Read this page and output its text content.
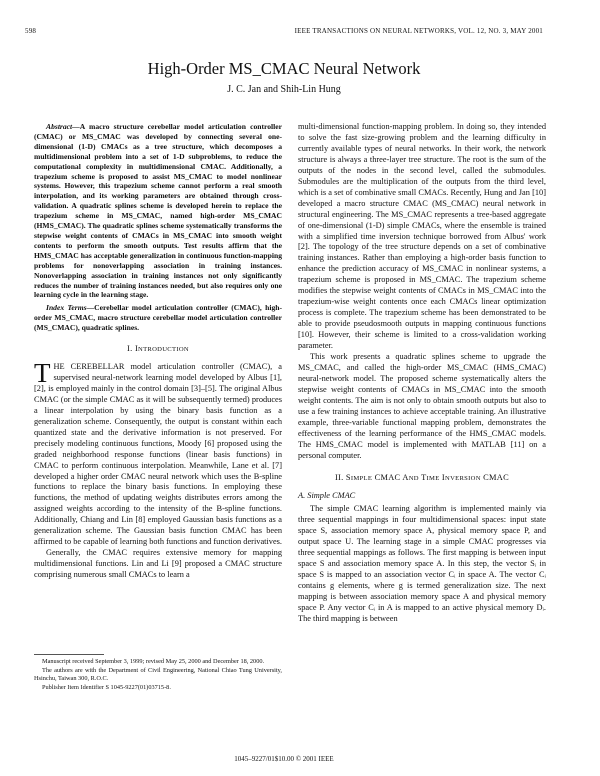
598	IEEE TRANSACTIONS ON NEURAL NETWORKS, VOL. 12, NO. 3, MAY 2001
High-Order MS_CMAC Neural Network
J. C. Jan and Shih-Lin Hung

Abstract—A macro structure cerebellar model articulation controller (CMAC) or MS_CMAC was developed by connecting several one-dimensional (1-D) CMACs as a tree structure, which decomposes a multidimensional problem into a set of 1-D subproblems, to reduce the computational complexity in multidimensional CMAC. Additionally, a trapezium scheme is proposed to assist MS_CMAC to model nonlinear systems. However, this trapezium scheme cannot perform a real smooth interpolation, and its working parameters are obtained through cross-validation. A quadratic splines scheme is developed herein to replace the trapezium scheme in MS_CMAC, named high-order MS_CMAC (HMS_CMAC). The quadratic splines scheme systematically transforms the stepwise weight contents of CMACs in MS_CMAC into smooth weight contents to perform the smooth outputs. Test results affirm that the HMS_CMAC has acceptable generalization in continuous function-mapping problems for nonoverlapping association in training instances. Nonoverlapping association in training instances not only significantly reduces the number of training instances needed, but also requires only one learning cycle in the learning stage.

Index Terms—Cerebellar model articulation controller (CMAC), high-order MS_CMAC, macro structure cerebellar model articulation controller (MS_CMAC), quadratic splines.

I. INTRODUCTION

THE CEREBELLAR model articulation controller (CMAC), a supervised neural-network learning model developed by Albus [1], [2], is employed mainly in the control domain [3]–[5]. The original Albus CMAC (or the simple CMAC as it will be subsequently termed) produces a linear interpolation by using the binary basis function as a generalization scheme. Consequently, the output is constant within each quantized state and the derivative information is not preserved. For precisely modeling continuous functions, Moody [6] proposed using the graded neighborhood response functions (linear basis functions) in CMAC to perform continuous interpolation. Meanwhile, Lane et al. [7] developed a higher order CMAC neural network which uses the B-spline functions to replace the binary basis functions. In employing these functions, the method of updating weights distributes errors among the assigned weights according to the intensity of the B-spline functions. Additionally, Chiang and Lin [8] employed Gaussian basis functions as a generalization scheme. The Gaussian basis function CMAC has been affirmed to be capable of learning both functions and function derivatives.

Generally, the CMAC requires extensive memory for mapping multidimensional functions. Lin and Li [9] proposed a CMAC structure comprising numerous small CMACs to learn a

Manuscript received September 3, 1999; revised May 25, 2000 and December 18, 2000.

The authors are with the Department of Civil Engineering, National Chiao Tung University, Hsinchu, Taiwan 300, R.O.C.

Publisher Item Identifier S 1045-9227(01)03715-8.

multi-dimensional function-mapping problem. In doing so, they intended to solve the fast size-growing problem and the learning difficulty in currently available types of neural networks. In their work, the network structure is always a three-layer tree structure. The root is the sum of the outputs of the nodes in the second level, called the submodules. Submodules are the multiplication of the outputs from the third level, which is a set of combinative small CMACs. Recently, Hung and Jan [10] developed a macro structure CMAC (MS_CMAC) neural network in structural engineering. The MS_CMAC represents a tree-based aggregate of one-dimensional (1-D) simple CMACs, where the ensemble is trained with a simplified time inversion technique borrowed from Albus' work [2]. The topology of the tree structure depends on a set of combinative training instances. Rather than employing a high-order basis function to enhance the prediction accuracy of MS_CMAC in nonlinear systems, a trapezium scheme is proposed in MS_CMAC. The trapezium scheme modifies the stepwise weight contents of CMACs in MS_CMAC into the trapezium-wise weight contents once each CMACs linear optimization process is complete. The trapezium scheme has been demonstrated to be able to provide pseudosmooth outputs in mapping continuous functions [10]. However, their scheme is limited to a cross-validation working parameter.

This work presents a quadratic splines scheme to upgrade the MS_CMAC, and called the high-order MS_CMAC (HMS_CMAC) neural-network model. The proposed scheme systematically alters the stepwise weight contents of CMACs in MS_CMAC into the smooth weight contents. The aim is not only to obtain smooth outputs but also to use a few training instances to achieve acceptable training. An illustrative example, three-variable functional mapping problem, demonstrates the effectiveness of the learning performance of the HMS_CMAC models. The HMS_CMAC model is implemented with MATLAB [11] on a personal computer.

II. SIMPLE CMAC AND TIME INVERSION CMAC

A. Simple CMAC

The simple CMAC learning algorithm is implemented mainly via three sequential mappings in four multidimensional spaces: input state space S, association memory space A, physical memory space P, and output space U. The learning stage in a simple CMAC progresses via three sequential mappings as follows. The first mapping is between input space S and association memory space A. In this step, the vector Sᵢ in space S is mapped to an association vector Cᵢ in space A. The vector Cᵢ contains g elements, where g is termed generalization size. The next mapping is between association memory space A and physical memory space P. Any vector Cᵢ in A is mapped to an active physical memory Dᵢ. The third mapping is between

1045–9227/01$10.00 © 2001 IEEE
